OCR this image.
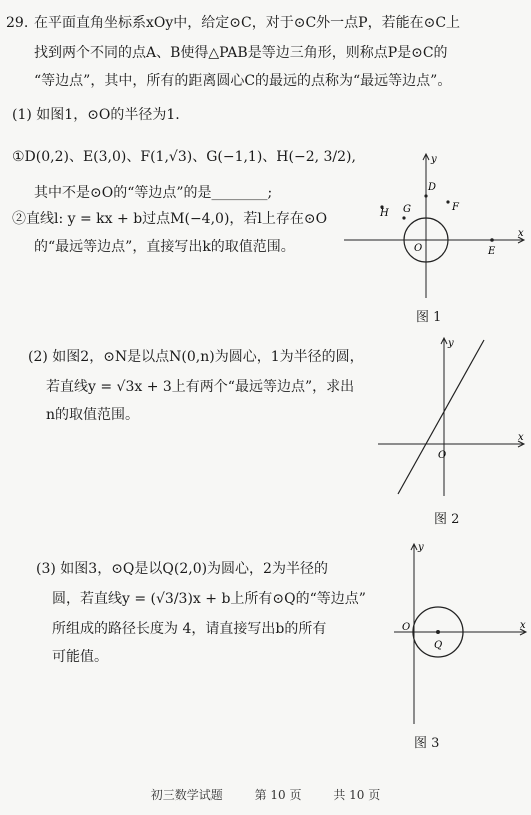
29. 在平面直角坐标系xOy中，给定⊙C，对于⊙C外一点P，若能在⊙C上
找到两个不同的点A、B使得△PAB是等边三角形，则称点P是⊙C的
“等边点”，其中，所有的距离圆心C的最远的点称为“最远等边点”。
(1) 如图1，⊙O的半径为1.
①D(0,2)、E(3,0)、F(1,√3)、G(−1,1)、H(−2, 3/2),
其中不是⊙O的“等边点”的是________;
②直线l: y = kx + b过点M(−4,0)，若l上存在⊙O
的“最远等边点”，直接写出k的取值范围。
(2) 如图2，⊙N是以点N(0,n)为圆心，1为半径的圆，
若直线y = √3x + 3上有两个“最远等边点”，求出
n的取值范围。
(3) 如图3，⊙Q是以Q(2,0)为圆心，2为半径的
圆，若直线y = (√3/3)x + b上所有⊙Q的“等边点”
所组成的路径长度为 4，请直接写出b的所有
可能值。
x
y
O
D
E
F
G
H
图 1
x
y
O
图 2
x
y
O
Q
图 3
初三数学试题	第 10 页	共 10 页
